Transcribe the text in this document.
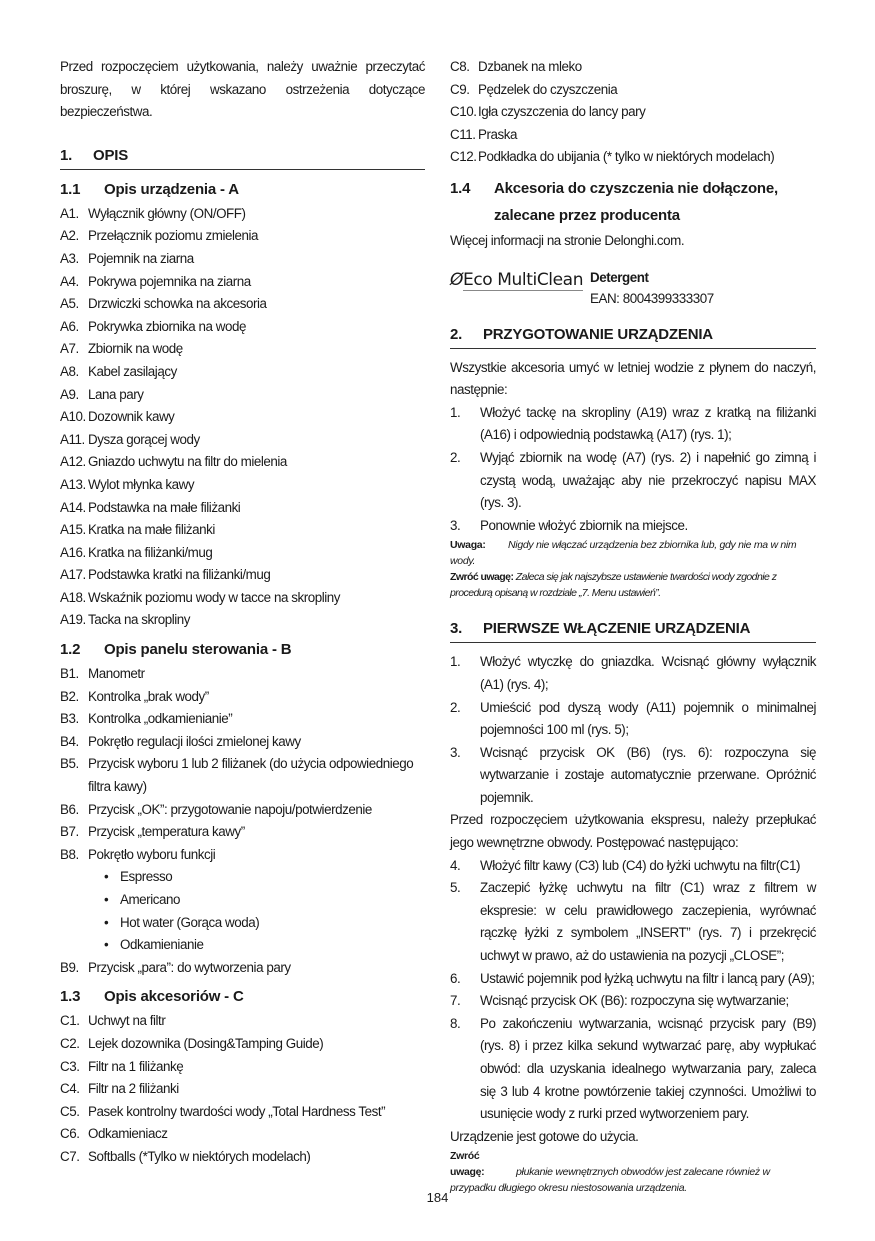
Przed rozpoczęciem użytkowania, należy uważnie przeczytać broszurę, w której wskazano ostrzeżenia dotyczące bezpieczeństwa.

1. OPIS
1.1 Opis urządzenia - A
A1. Wyłącznik główny (ON/OFF)
A2. Przełącznik poziomu zmielenia
A3. Pojemnik na ziarna
A4. Pokrywa pojemnika na ziarna
A5. Drzwiczki schowka na akcesoria
A6. Pokrywka zbiornika na wodę
A7. Zbiornik na wodę
A8. Kabel zasilający
A9. Lana pary
A10. Dozownik kawy
A11. Dysza gorącej wody
A12. Gniazdo uchwytu na filtr do mielenia
A13. Wylot młynka kawy
A14. Podstawka na małe filiżanki
A15. Kratka na małe filiżanki
A16. Kratka na filiżanki/mug
A17. Podstawka kratki na filiżanki/mug
A18. Wskaźnik poziomu wody w tacce na skropliny
A19. Tacka na skropliny
1.2 Opis panelu sterowania - B
B1. Manometr
B2. Kontrolka „brak wody”
B3. Kontrolka „odkamienianie”
B4. Pokrętło regulacji ilości zmielonej kawy
B5. Przycisk wyboru 1 lub 2 filiżanek (do użycia odpowiedniego filtra kawy)
B6. Przycisk „OK”: przygotowanie napoju/potwierdzenie
B7. Przycisk „temperatura kawy”
B8. Pokrętło wyboru funkcji
• Espresso
• Americano
• Hot water (Gorąca woda)
• Odkamienianie
B9. Przycisk „para”: do wytworzenia pary
1.3 Opis akcesoriów - C
C1. Uchwyt na filtr
C2. Lejek dozownika (Dosing&Tamping Guide)
C3. Filtr na 1 filiżankę
C4. Filtr na 2 filiżanki
C5. Pasek kontrolny twardości wody „Total Hardness Test”
C6. Odkamieniacz
C7. Softballs (*Tylko w niektórych modelach)
C8. Dzbanek na mleko
C9. Pędzelek do czyszczenia
C10. Igła czyszczenia do lancy pary
C11. Praska
C12. Podkładka do ubijania (* tylko w niektórych modelach)
1.4	Akcesoria do czyszczenia nie dołączone, zalecane przez producenta

Więcej informacji na stronie Delonghi.com.

ØEco MultiClean Detergent
EAN: 8004399333307
2. PRZYGOTOWANIE URZĄDZENIA

Wszystkie akcesoria umyć w letniej wodzie z płynem do naczyń, następnie:

1. Włożyć tackę na skropliny (A19) wraz z kratką na filiżanki (A16) i odpowiednią podstawką (A17) (rys. 1);
2. Wyjąć zbiornik na wodę (A7) (rys. 2) i napełnić go zimną i czystą wodą, uważając aby nie przekroczyć napisu MAX (rys. 3).
3. Ponownie włożyć zbiornik na miejsce.

Uwaga: Nigdy nie włączać urządzenia bez zbiornika lub, gdy nie ma w nim wody.

Zwróć uwagę: Zaleca się jak najszybsze ustawienie twardości wody zgodnie z procedurą opisaną w rozdziale „7. Menu ustawień”.

3. PIERWSZE WŁĄCZENIE URZĄDZENIA
1. Włożyć wtyczkę do gniazdka. Wcisnąć główny wyłącznik (A1) (rys. 4);
2. Umieścić pod dyszą wody (A11) pojemnik o minimalnej pojemności 100 ml (rys. 5);
3. Wcisnąć przycisk OK (B6) (rys. 6): rozpoczyna się wytwarzanie i zostaje automatycznie przerwane. Opróżnić pojemnik.

Przed rozpoczęciem użytkowania ekspresu, należy przepłukać jego wewnętrzne obwody. Postępować następująco:

4. Włożyć filtr kawy (C3) lub (C4) do łyżki uchwytu na filtr(C1)
5. Zaczepić łyżkę uchwytu na filtr (C1) wraz z filtrem w ekspresie: w celu prawidłowego zaczepienia, wyrównać rączkę łyżki z symbolem „INSERT” (rys. 7) i przekręcić uchwyt w prawo, aż do ustawienia na pozycji „CLOSE”;
6. Ustawić pojemnik pod łyżką uchwytu na filtr i lancą pary (A9);
7. Wcisnąć przycisk OK (B6): rozpoczyna się wytwarzanie;
8. Po zakończeniu wytwarzania, wcisnąć przycisk pary (B9) (rys. 8) i przez kilka sekund wytwarzać parę, aby wypłukać obwód: dla uzyskania idealnego wytwarzania pary, zaleca się 3 lub 4 krotne powtórzenie takiej czynności. Umożliwi to usunięcie wody z rurki przed wytworzeniem pary.

Urządzenie jest gotowe do użycia.

Zwróć uwagę:	płukanie wewnętrznych obwodów jest zalecane również w przypadku długiego okresu niestosowania urządzenia.

184
